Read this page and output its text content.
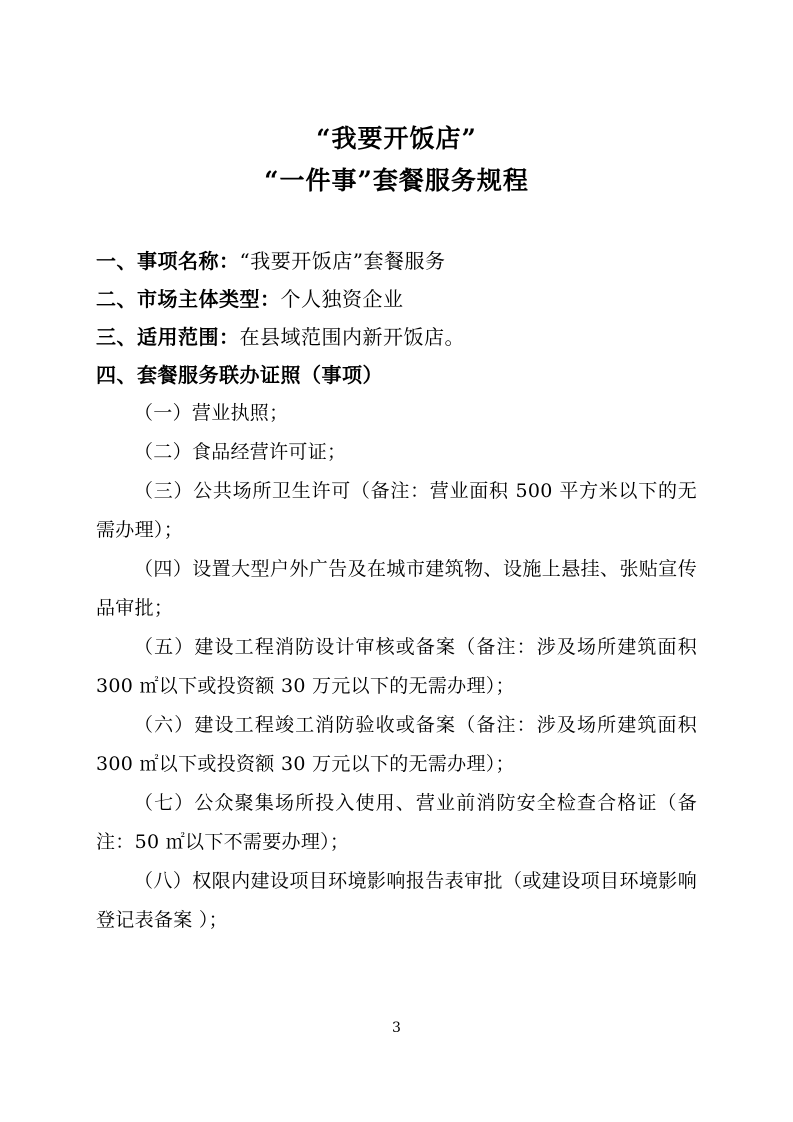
“我要开饭店”
“一件事”套餐服务规程

一、事项名称：“我要开饭店”套餐服务

二、市场主体类型：个人独资企业

三、适用范围：在县域范围内新开饭店。

四、套餐服务联办证照（事项）

（一）营业执照；

（二）食品经营许可证；

（三）公共场所卫生许可（备注：营业面积 500 平方米以下的无需办理）；

（四）设置大型户外广告及在城市建筑物、设施上悬挂、张贴宣传品审批；

（五）建设工程消防设计审核或备案（备注：涉及场所建筑面积 300 ㎡以下或投资额 30 万元以下的无需办理）；

（六）建设工程竣工消防验收或备案（备注：涉及场所建筑面积 300 ㎡以下或投资额 30 万元以下的无需办理）；

（七）公众聚集场所投入使用、营业前消防安全检查合格证（备注：50 ㎡以下不需要办理）；

（八）权限内建设项目环境影响报告表审批（或建设项目环境影响登记表备案 ）；

3
